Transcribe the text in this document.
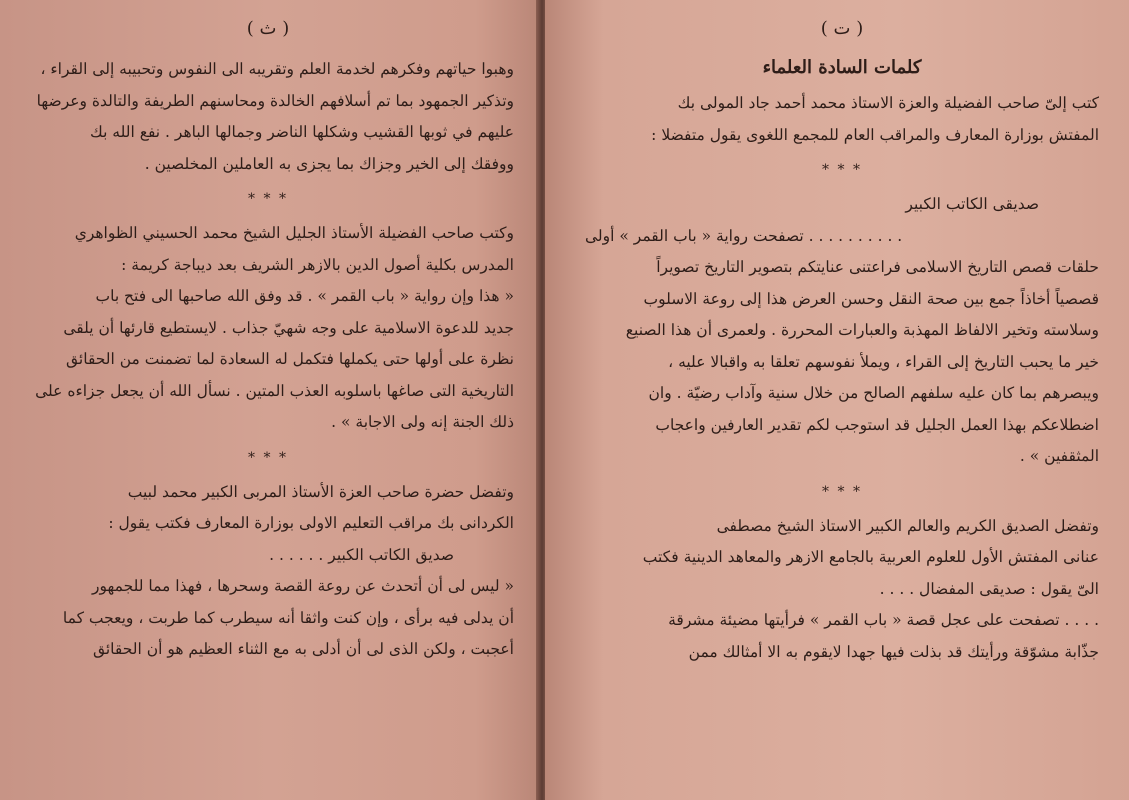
( ث )

وهبوا حياتهم وفكرهم لخدمة العلم وتقريبه الى النفوس وتحبيبه إلى القراء ،

وتذكير الجمهود بما تم أسلافهم الخالدة ومحاسنهم الطريفة والتالدة وعرضها

عليهم في ثوبها القشيب وشكلها الناضر وجمالها الباهر . نفع الله بك

ووفقك إلى الخير وجزاك بما يجزى به العاملين المخلصين .

* * *

وكتب صاحب الفضيلة الأستاذ الجليل الشيخ محمد الحسيني الظواهري

المدرس بكلية أصول الدين بالازهر الشريف بعد ديباجة كريمة :

« هذا وإن رواية « باب القمر » . قد وفق الله صاحبها الى فتح باب

جديد للدعوة الاسلامية على وجه شهيّ جذاب . لايستطيع قارئها أن يلقى

نظرة على أولها حتى يكملها فتكمل له السعادة لما تضمنت من الحقائق

التاريخية التى صاغها باسلوبه العذب المتين . نسأل الله أن يجعل جزاءه على

ذلك الجنة إنه ولى الاجابة » .

* * *

وتفضل حضرة صاحب العزة الأستاذ المربى الكبير محمد لبيب

الكردانى بك مراقب التعليم الاولى بوزارة المعارف فكتب يقول :

صديق الكاتب الكبير . . . . . .

« ليس لى أن أتحدث عن روعة القصة وسحرها ، فهذا مما للجمهور

أن يدلى فيه برأى ، وإن كنت واثقا أنه سيطرب كما طربت ، ويعجب كما

أعجبت ، ولكن الذى لى أن أدلى به مع الثناء العظيم هو أن الحقائق

( ت )
كلمات السادة العلماء

كتب إلىّ صاحب الفضيلة والعزة الاستاذ محمد أحمد جاد المولى بك

المفتش بوزارة المعارف والمراقب العام للمجمع اللغوى يقول متفضلا :

* * *

صديقى الكاتب الكبير

. . . . . . . . . . تصفحت رواية « باب القمر » أولى

حلقات قصص التاريخ الاسلامى فراعتنى عنايتكم بتصوير التاريخ تصويراً

قصصياً أخاذاً جمع بين صحة النقل وحسن العرض هذا إلى روعة الاسلوب

وسلاسته وتخير الالفاظ المهذبة والعبارات المحررة . ولعمرى أن هذا الصنيع

خير ما يحبب التاريخ إلى القراء ، ويملأ نفوسهم تعلقا به واقبالا عليه ،

ويبصرهم بما كان عليه سلفهم الصالح من خلال سنية وآداب رضيّة . وان

اضطلاعكم بهذا العمل الجليل قد استوجب لكم تقدير العارفين واعجاب

المثقفين » .

* * *

وتفضل الصديق الكريم والعالم الكبير الاستاذ الشيخ مصطفى

عنانى المفتش الأول للعلوم العربية بالجامع الازهر والمعاهد الدينية فكتب

الىّ يقول : صديقى المفضال . . . .

. . . . تصفحت على عجل قصة « باب القمر » فرأيتها مضيئة مشرقة

جذّابة مشوّقة ورأيتك قد بذلت فيها جهدا لايقوم به الا أمثالك ممن
